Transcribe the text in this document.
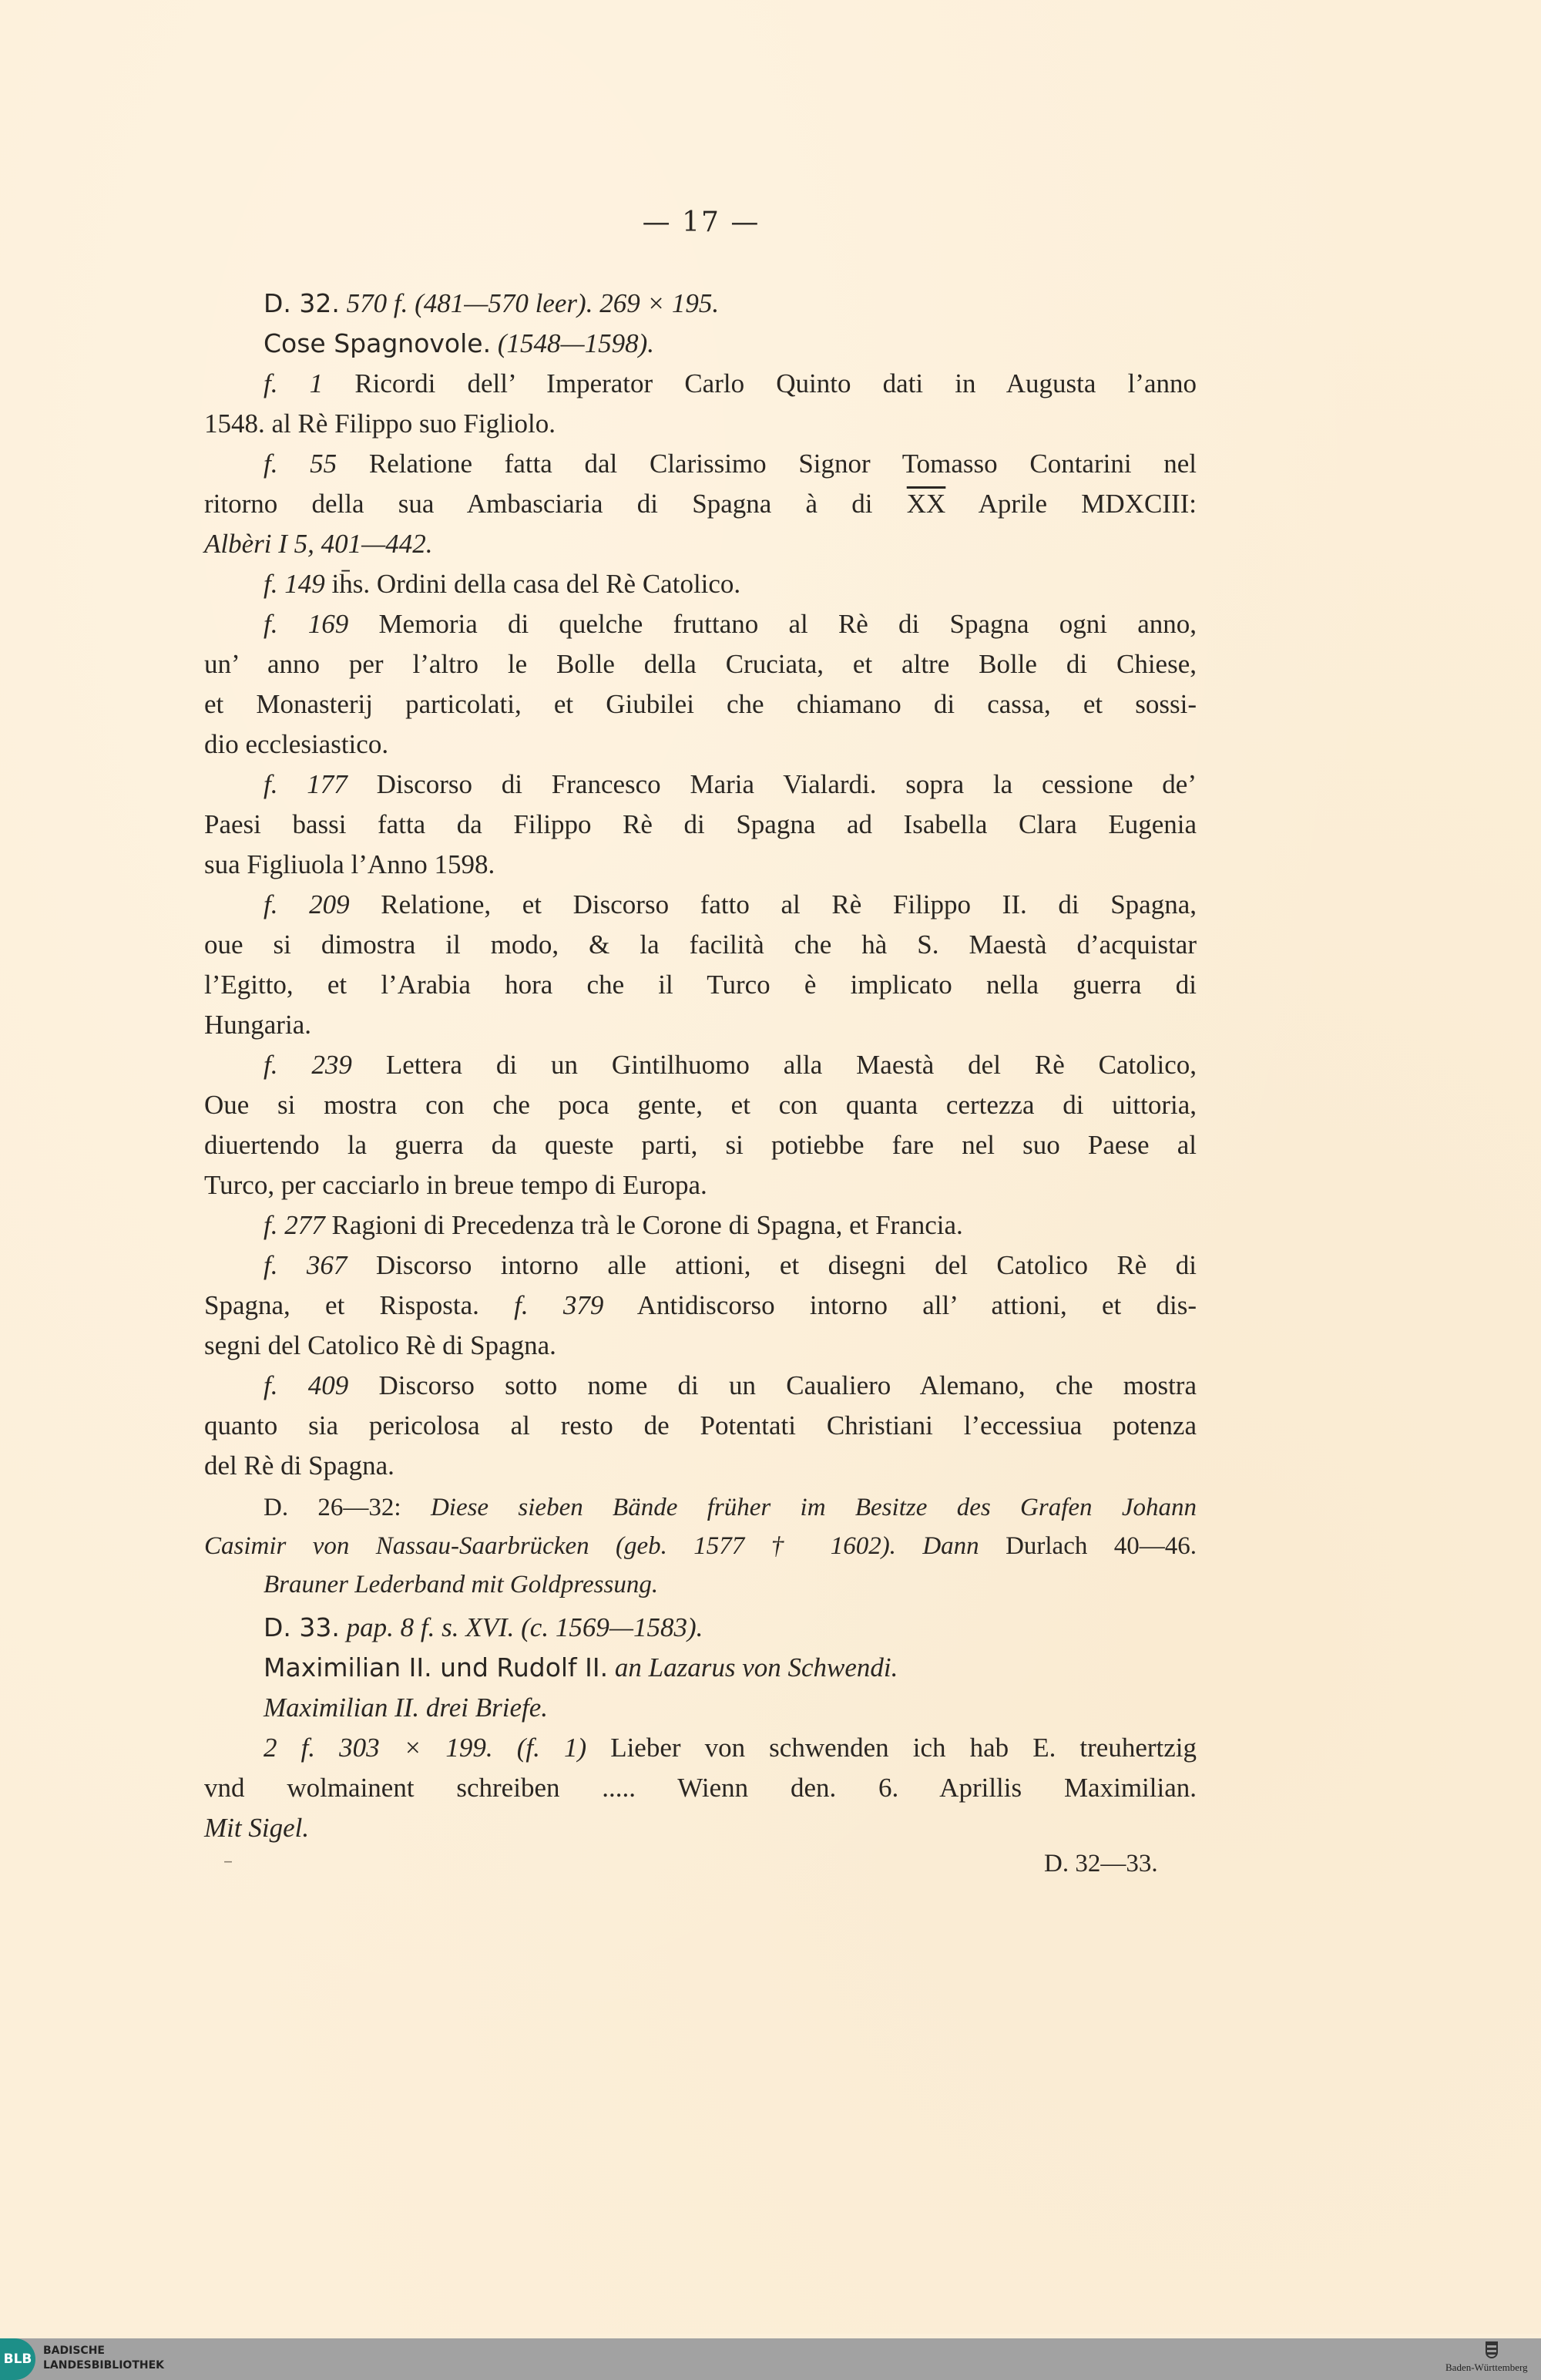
— 17 —
D. 32. 570 f. (481—570 leer). 269 × 195.
Cose Spagnovole. (1548—1598).
f. 1 Ricordi dell’ Imperator Carlo Quinto dati in Augusta l’anno
1548. al Rè Filippo suo Figliolo.
f. 55 Relatione fatta dal Clarissimo Signor Tomasso Contarini nel
ritorno della sua Ambasciaria di Spagna à di $\overline{XX}$ Aprile MDXCIII:
Albèri I 5, 401—442.
f. 149 ih̄s. Ordini della casa del Rè Catolico.
f. 169 Memoria di quelche fruttano al Rè di Spagna ogni anno,
un’ anno per l’altro le Bolle della Cruciata, et altre Bolle di Chiese,
et Monasterij particolati, et Giubilei che chiamano di cassa, et sossi-
dio ecclesiastico.
f. 177 Discorso di Francesco Maria Vialardi. sopra la cessione de’
Paesi bassi fatta da Filippo Rè di Spagna ad Isabella Clara Eugenia
sua Figliuola l’Anno 1598.
f. 209 Relatione, et Discorso fatto al Rè Filippo II. di Spagna,
oue si dimostra il modo, & la facilità che hà S. Maestà d’acquistar
l’Egitto, et l’Arabia hora che il Turco è implicato nella guerra di
Hungaria.
f. 239 Lettera di un Gintilhuomo alla Maestà del Rè Catolico,
Oue si mostra con che poca gente, et con quanta certezza di uittoria,
diuertendo la guerra da queste parti, si potiebbe fare nel suo Paese al
Turco, per cacciarlo in breue tempo di Europa.
f. 277 Ragioni di Precedenza trà le Corone di Spagna, et Francia.
f. 367 Discorso intorno alle attioni, et disegni del Catolico Rè di
Spagna, et Risposta. f. 379 Antidiscorso intorno all’ attioni, et dis-
segni del Catolico Rè di Spagna.
f. 409 Discorso sotto nome di un Caualiero Alemano, che mostra
quanto sia pericolosa al resto de Potentati Christiani l’eccessiua potenza
del Rè di Spagna.
D. 26—32: Diese sieben Bände früher im Besitze des Grafen Johann
Casimir von Nassau-Saarbrücken (geb. 1577 † 1602). Dann Durlach 40—46.
Brauner Lederband mit Goldpressung.
D. 33. pap. 8 f. s. XVI. (c. 1569—1583).
Maximilian II. und Rudolf II. an Lazarus von Schwendi.
Maximilian II. drei Briefe.
2 f. 303 × 199. (f. 1) Lieber von schwenden ich hab E. treuhertzig
vnd wolmainent schreiben ..... Wienn den. 6. Aprillis Maximilian.
Mit Sigel.
–	D. 32—33.
BLB
BADISCHE
LANDESBIBLIOTHEK	Baden-Württemberg
